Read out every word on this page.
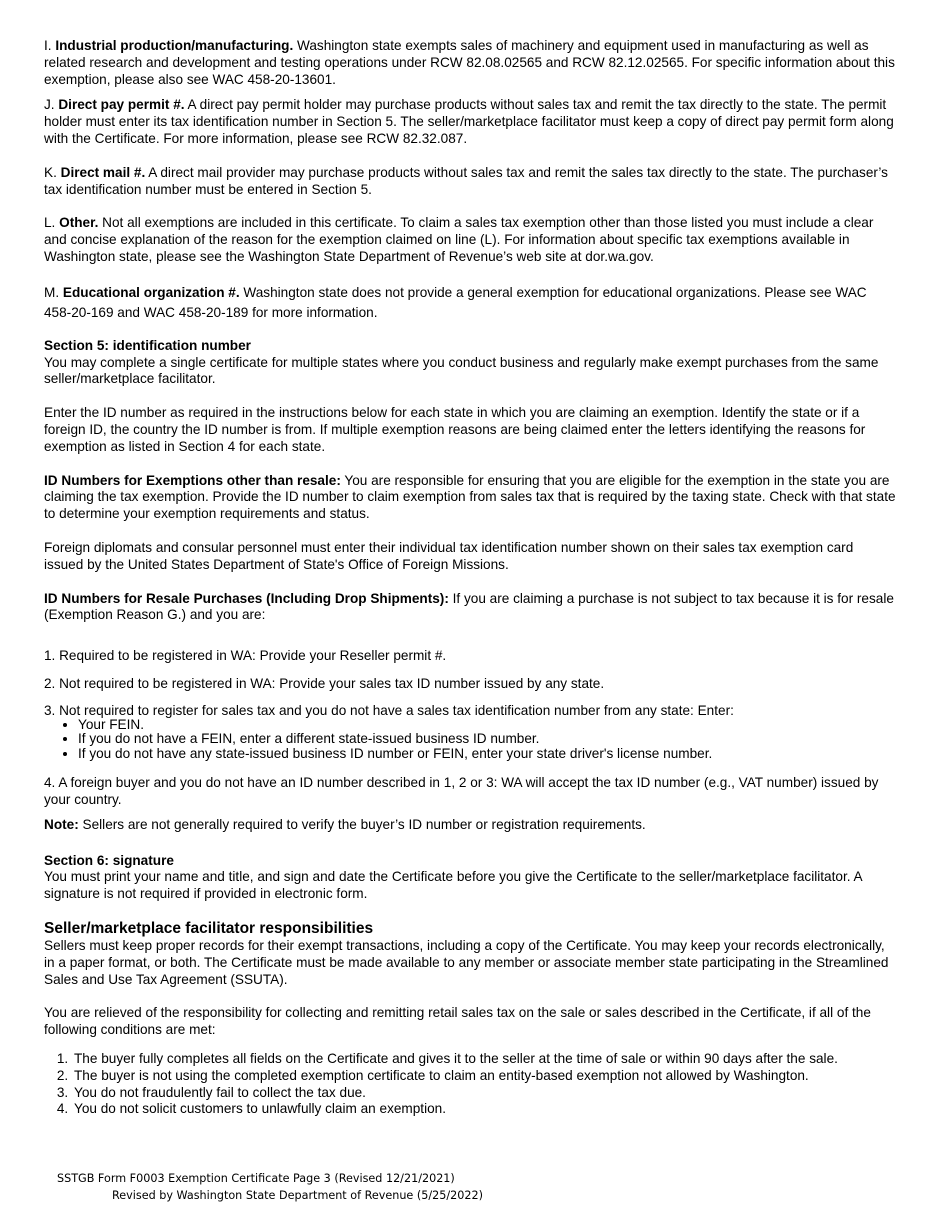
I. Industrial production/manufacturing. Washington state exempts sales of machinery and equipment used in manufacturing as well as related research and development and testing operations under RCW 82.08.02565 and RCW 82.12.02565. For specific information about this exemption, please also see WAC 458-20-13601.

J. Direct pay permit #. A direct pay permit holder may purchase products without sales tax and remit the tax directly to the state. The permit holder must enter its tax identification number in Section 5. The seller/marketplace facilitator must keep a copy of direct pay permit form along with the Certificate. For more information, please see RCW 82.32.087.

K. Direct mail #. A direct mail provider may purchase products without sales tax and remit the sales tax directly to the state. The purchaser’s tax identification number must be entered in Section 5.

L. Other. Not all exemptions are included in this certificate. To claim a sales tax exemption other than those listed you must include a clear and concise explanation of the reason for the exemption claimed on line (L). For information about specific tax exemptions available in Washington state, please see the Washington State Department of Revenue’s web site at dor.wa.gov.

M. Educational organization #. Washington state does not provide a general exemption for educational organizations. Please see WAC 458-20-169 and WAC 458-20-189 for more information.

Section 5: identification number

You may complete a single certificate for multiple states where you conduct business and regularly make exempt purchases from the same seller/marketplace facilitator.

Enter the ID number as required in the instructions below for each state in which you are claiming an exemption. Identify the state or if a foreign ID, the country the ID number is from. If multiple exemption reasons are being claimed enter the letters identifying the reasons for exemption as listed in Section 4 for each state.

ID Numbers for Exemptions other than resale: You are responsible for ensuring that you are eligible for the exemption in the state you are claiming the tax exemption. Provide the ID number to claim exemption from sales tax that is required by the taxing state. Check with that state to determine your exemption requirements and status.

Foreign diplomats and consular personnel must enter their individual tax identification number shown on their sales tax exemption card issued by the United States Department of State's Office of Foreign Missions.

ID Numbers for Resale Purchases (Including Drop Shipments): If you are claiming a purchase is not subject to tax because it is for resale (Exemption Reason G.) and you are:

1. Required to be registered in WA: Provide your Reseller permit #.

2. Not required to be registered in WA: Provide your sales tax ID number issued by any state.

3. Not required to register for sales tax and you do not have a sales tax identification number from any state: Enter:

• Your FEIN.
• If you do not have a FEIN, enter a different state-issued business ID number.
• If you do not have any state-issued business ID number or FEIN, enter your state driver's license number.

4. A foreign buyer and you do not have an ID number described in 1, 2 or 3: WA will accept the tax ID number (e.g., VAT number) issued by your country.

Note: Sellers are not generally required to verify the buyer’s ID number or registration requirements.

Section 6: signature

You must print your name and title, and sign and date the Certificate before you give the Certificate to the seller/marketplace facilitator. A signature is not required if provided in electronic form.

Seller/marketplace facilitator responsibilities

Sellers must keep proper records for their exempt transactions, including a copy of the Certificate. You may keep your records electronically, in a paper format, or both. The Certificate must be made available to any member or associate member state participating in the Streamlined Sales and Use Tax Agreement (SSUTA).

You are relieved of the responsibility for collecting and remitting retail sales tax on the sale or sales described in the Certificate, if all of the following conditions are met:

1. The buyer fully completes all fields on the Certificate and gives it to the seller at the time of sale or within 90 days after the sale.
2. The buyer is not using the completed exemption certificate to claim an entity-based exemption not allowed by Washington.
3. You do not fraudulently fail to collect the tax due.
4. You do not solicit customers to unlawfully claim an exemption.
SSTGB Form F0003 Exemption Certificate Page 3 (Revised 12/21/2021)
Revised by Washington State Department of Revenue (5/25/2022)
